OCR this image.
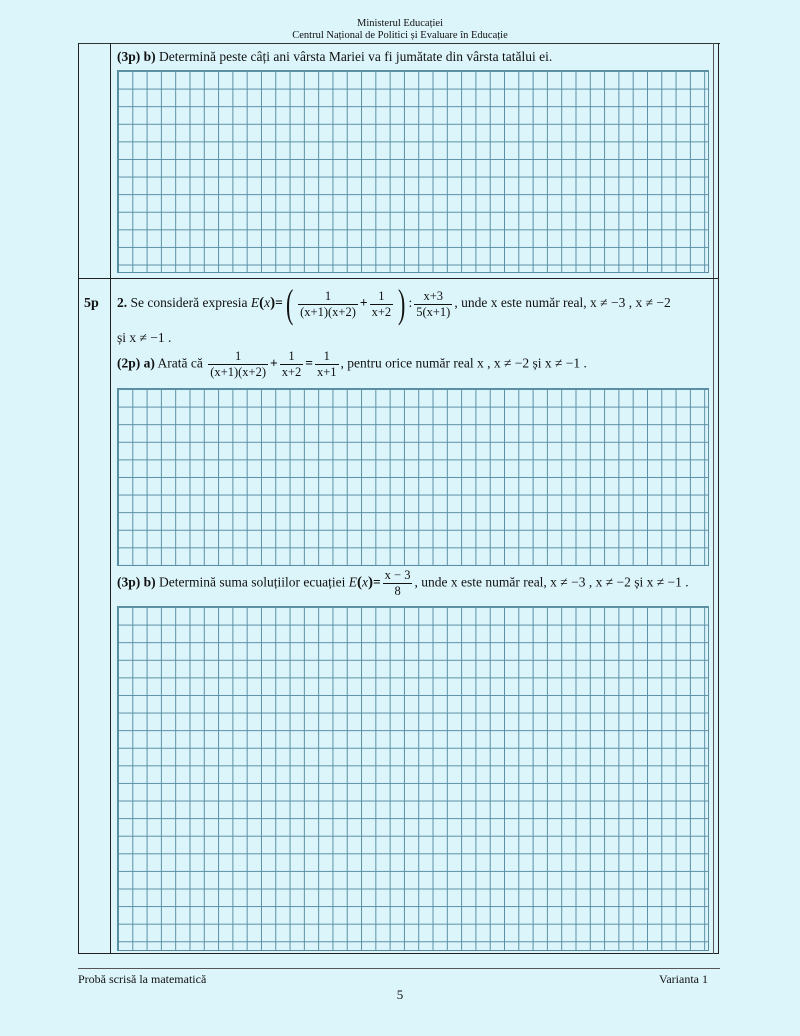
Ministerul Educației
Centrul Național de Politici și Evaluare în Educație
(3p) b) Determină peste câți ani vârsta Mariei va fi jumătate din vârsta tatălui ei.
5p 2. Se consideră expresia $E(x)=( \frac{1}{(x+1)(x+2)} + \frac{1}{x+2}$ ) : $\frac{x+3}{5(x+1)}$ , unde x este număr real, x ≠ −3 , x ≠ −2
și x ≠ −1 .
(2p) a) Arată că $\frac{1}{(x+1)(x+2)} + \frac{1}{x+2} = \frac{1}{x+1}$ , pentru orice număr real x , x ≠ −2 și x ≠ −1 .
(3p) b) Determină suma soluțiilor ecuației $E(x)= \frac{x - 3}{8}$ , unde x este număr real, x ≠ −3 , x ≠ −2 și x ≠ −1 .
Probă scrisă la matematică	Varianta 1
5
